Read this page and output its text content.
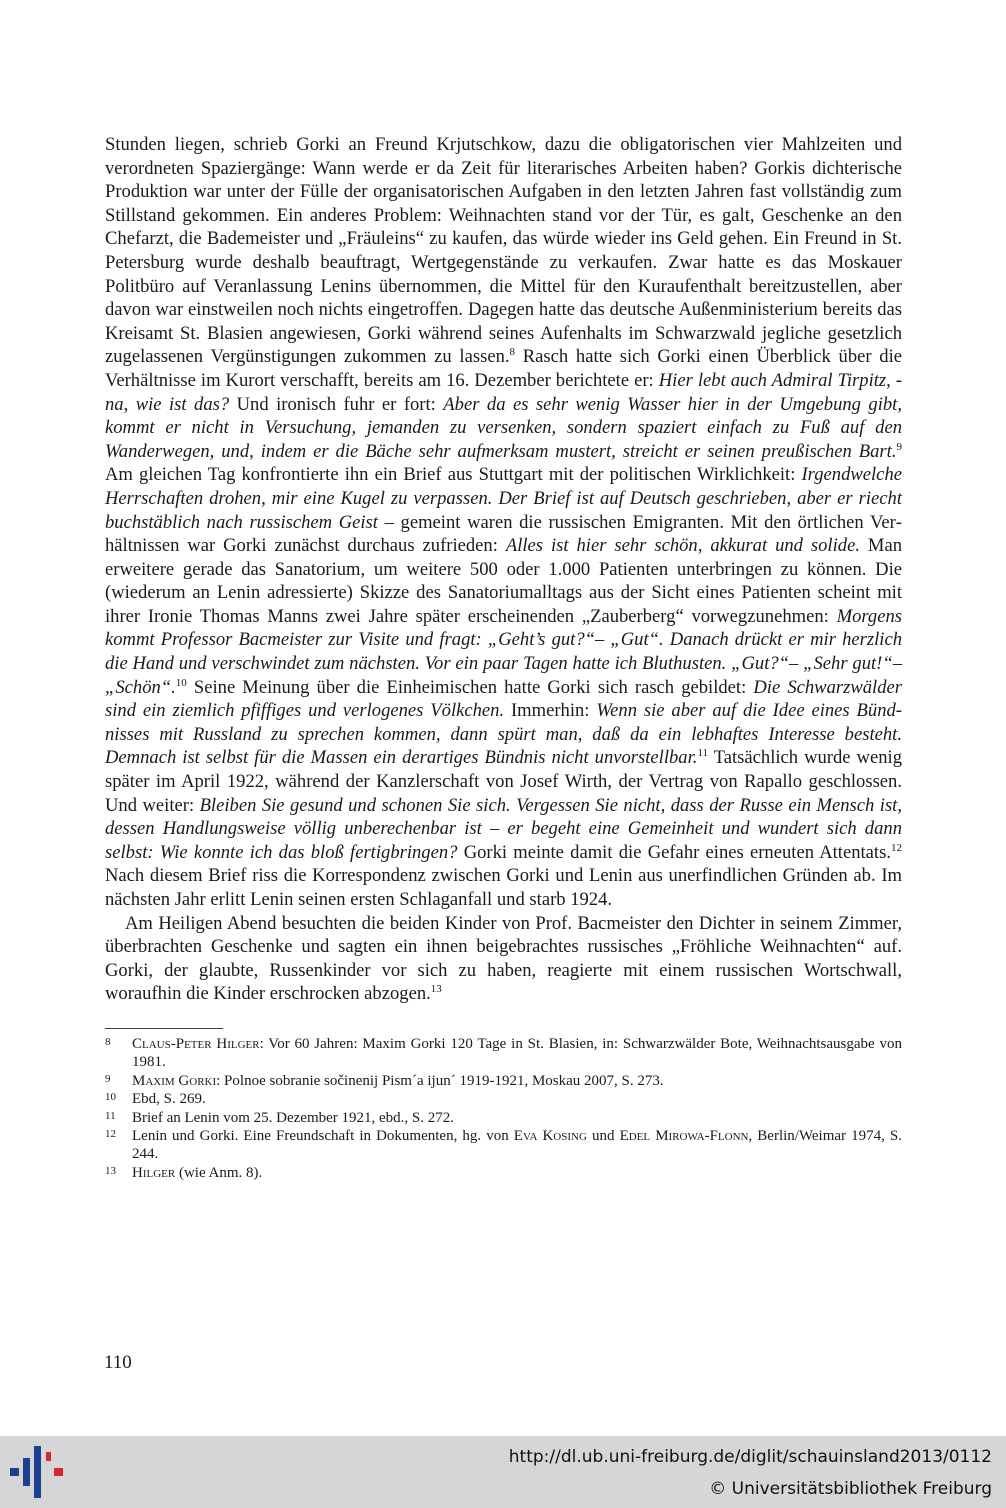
Stunden liegen, schrieb Gorki an Freund Krjutschkow, dazu die obligatorischen vier Mahlzeiten und verordneten Spaziergänge: Wann werde er da Zeit für literarisches Arbeiten haben? Gorkis dichterische Produktion war unter der Fülle der organisatorischen Aufgaben in den letzten Jahren fast vollständig zum Stillstand gekommen. Ein anderes Problem: Weihnachten stand vor der Tür, es galt, Geschenke an den Chefarzt, die Bademeister und „Fräuleins“ zu kaufen, das würde wieder ins Geld gehen. Ein Freund in St. Petersburg wurde deshalb beauftragt, Wertgegenstände zu verkaufen. Zwar hatte es das Moskauer Politbüro auf Veranlassung Lenins übernommen, die Mittel für den Kuraufenthalt bereitzustellen, aber davon war einstweilen noch nichts eingetroffen. Dagegen hatte das deutsche Außenministerium bereits das Kreisamt St. Blasien angewiesen, Gorki während seines Aufenhalts im Schwarzwald jegliche gesetzlich zugelassenen Vergünstigungen zukommen zu lassen.$^8$ Rasch hatte sich Gorki einen Überblick über die Verhältnisse im Kurort verschafft, bereits am 16. Dezember berichtete er: Hier lebt auch Admiral Tirpitz, - na, wie ist das? Und ironisch fuhr er fort: Aber da es sehr wenig Wasser hier in der Umgebung gibt, kommt er nicht in Versuchung, jemanden zu versenken, sondern spaziert einfach zu Fuß auf den Wanderwegen, und, indem er die Bäche sehr aufmerksam mustert, streicht er seinen preußischen Bart.$^9$ Am gleichen Tag konfrontierte ihn ein Brief aus Stuttgart mit der politischen Wirklichkeit: Irgendwelche Herrschaften drohen, mir eine Kugel zu verpassen. Der Brief ist auf Deutsch geschrieben, aber er riecht buchstäblich nach russischem Geist – gemeint waren die russischen Emigranten. Mit den örtlichen Verhältnissen war Gorki zunächst durchaus zufrieden: Alles ist hier sehr schön, akkurat und solide. Man erweitere gerade das Sanatorium, um weitere 500 oder 1.000 Patienten unterbringen zu können. Die (wiederum an Lenin adressierte) Skizze des Sanatoriumalltags aus der Sicht eines Patienten scheint mit ihrer Ironie Thomas Manns zwei Jahre später erscheinenden „Zauberberg“ vorwegzunehmen: Morgens kommt Professor Bacmeister zur Visite und fragt: „Geht’s gut?“– „Gut“. Danach drückt er mir herzlich die Hand und verschwindet zum nächsten. Vor ein paar Tagen hatte ich Bluthusten. „Gut?“– „Sehr gut!“– „Schön“.$^{10}$ Seine Meinung über die Einheimischen hatte Gorki sich rasch gebildet: Die Schwarzwälder sind ein ziemlich pfiffiges und verlogenes Völkchen. Immerhin: Wenn sie aber auf die Idee eines Bündnisses mit Russland zu sprechen kommen, dann spürt man, daß da ein lebhaftes Interesse besteht. Demnach ist selbst für die Massen ein derartiges Bündnis nicht unvorstellbar.$^{11}$ Tatsächlich wurde wenig später im April 1922, während der Kanzlerschaft von Josef Wirth, der Vertrag von Rapallo geschlossen. Und weiter: Bleiben Sie gesund und schonen Sie sich. Vergessen Sie nicht, dass der Russe ein Mensch ist, dessen Handlungsweise völlig unberechenbar ist – er begeht eine Gemeinheit und wundert sich dann selbst: Wie konnte ich das bloß fertigbringen? Gorki meinte damit die Gefahr eines erneuten Attentats.$^{12}$ Nach diesem Brief riss die Korrespondenz zwischen Gorki und Lenin aus unerfindlichen Gründen ab. Im nächsten Jahr erlitt Lenin seinen ersten Schlaganfall und starb 1924.

Am Heiligen Abend besuchten die beiden Kinder von Prof. Bacmeister den Dichter in seinem Zimmer, überbrachten Geschenke und sagten ein ihnen beigebrachtes russisches „Fröhliche Weihnachten“ auf. Gorki, der glaubte, Russenkinder vor sich zu haben, reagierte mit einem russischen Wortschwall, woraufhin die Kinder erschrocken abzogen.$^{13}$

8	Claus-Peter Hilger: Vor 60 Jahren: Maxim Gorki 120 Tage in St. Blasien, in: Schwarzwälder Bote, Weihnachtsausgabe von 1981.
9	Maxim Gorki: Polnoe sobranie sočinenij Pism´a ijun´ 1919-1921, Moskau 2007, S. 273.
10	Ebd, S. 269.
11	Brief an Lenin vom 25. Dezember 1921, ebd., S. 272.
12	Lenin und Gorki. Eine Freundschaft in Dokumenten, hg. von Eva Kosing und Edel Mirowa-Flonn, Berlin/Weimar 1974, S. 244.
13	Hilger (wie Anm. 8).
110
http://dl.ub.uni-freiburg.de/diglit/schauinsland2013/0112
© Universitätsbibliothek Freiburg
